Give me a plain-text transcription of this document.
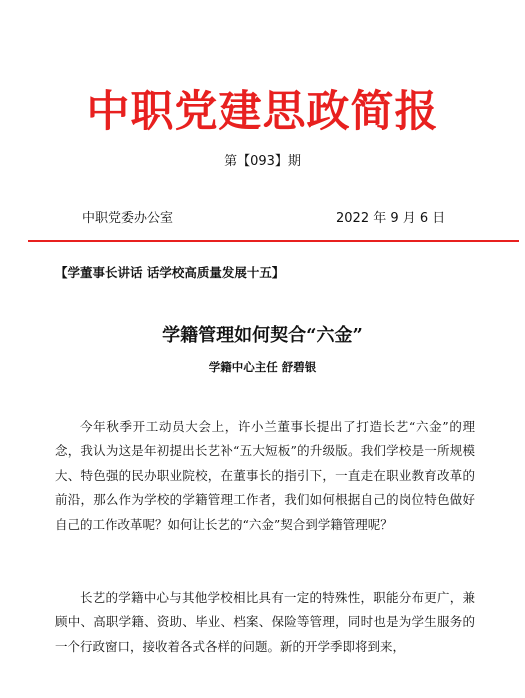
中职党建思政简报
第【093】期
中职党委办公室	2022 年 9 月 6 日
【学董事长讲话 话学校高质量发展十五】
学籍管理如何契合“六金”
学籍中心主任 舒碧银

今年秋季开工动员大会上，许小兰董事长提出了打造长艺“六金”的理念，我认为这是年初提出长艺补“五大短板”的升级版。我们学校是一所规模大、特色强的民办职业院校，在董事长的指引下，一直走在职业教育改革的前沿，那么作为学校的学籍管理工作者，我们如何根据自己的岗位特色做好自己的工作改革呢？如何让长艺的“六金”契合到学籍管理呢？

长艺的学籍中心与其他学校相比具有一定的特殊性，职能分布更广，兼顾中、高职学籍、资助、毕业、档案、保险等管理，同时也是为学生服务的一个行政窗口，接收着各式各样的问题。新的开学季即将到来，
